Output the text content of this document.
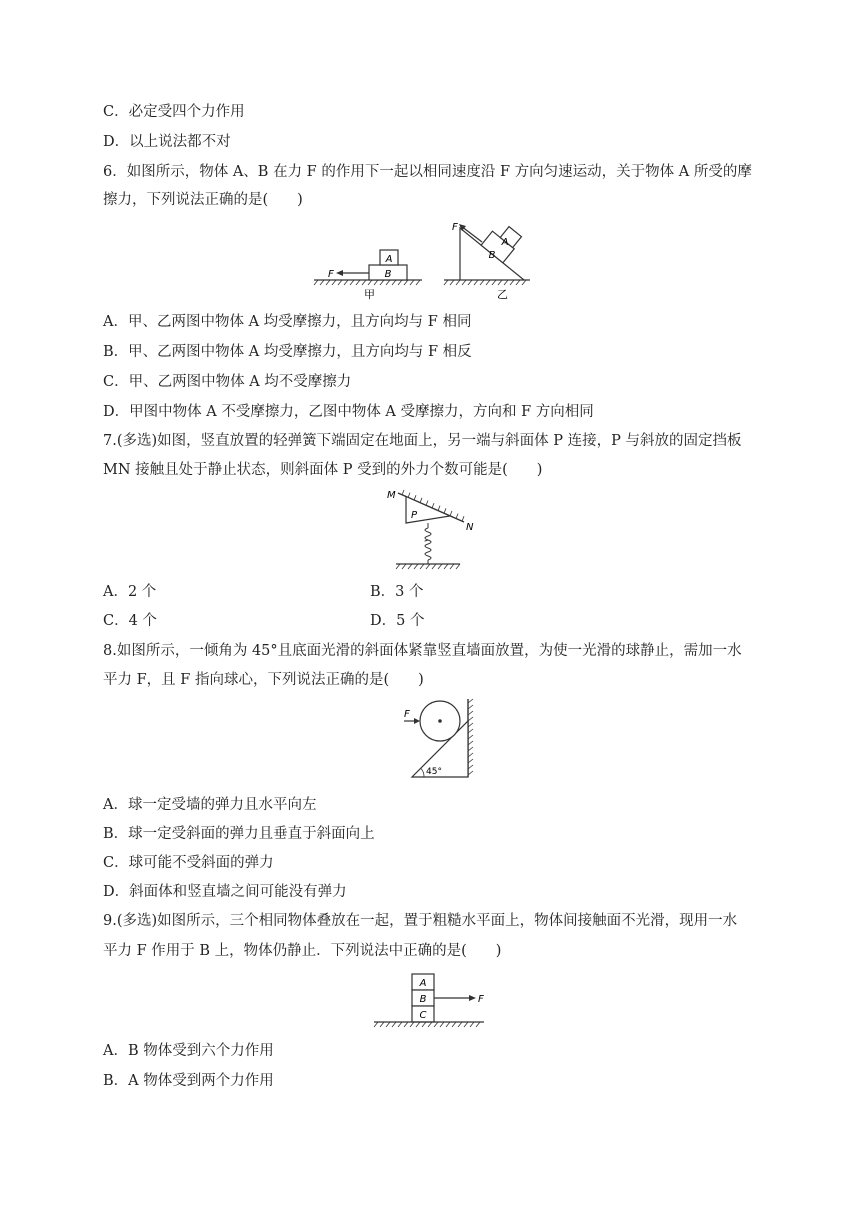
C．必定受四个力作用
D．以上说法都不对
6．如图所示，物体 A、B 在力 F 的作用下一起以相同速度沿 F 方向匀速运动，关于物体 A 所受的摩
擦力，下列说法正确的是(　　)
A
B
F
甲
A
B
F
乙
A．甲、乙两图中物体 A 均受摩擦力，且方向均与 F 相同
B．甲、乙两图中物体 A 均受摩擦力，且方向均与 F 相反
C．甲、乙两图中物体 A 均不受摩擦力
D．甲图中物体 A 不受摩擦力，乙图中物体 A 受摩擦力，方向和 F 方向相同
7.(多选)如图，竖直放置的轻弹簧下端固定在地面上，另一端与斜面体 P 连接，P 与斜放的固定挡板
MN 接触且处于静止状态，则斜面体 P 受到的外力个数可能是(　　)
M
N
P
A．2 个	B．3 个
C．4 个	D．5 个
8.如图所示，一倾角为 45°且底面光滑的斜面体紧靠竖直墙面放置，为使一光滑的球静止，需加一水
平力 F，且 F 指向球心，下列说法正确的是(　　)
F
45°
A．球一定受墙的弹力且水平向左
B．球一定受斜面的弹力且垂直于斜面向上
C．球可能不受斜面的弹力
D．斜面体和竖直墙之间可能没有弹力
9.(多选)如图所示，三个相同物体叠放在一起，置于粗糙水平面上，物体间接触面不光滑，现用一水
平力 F 作用于 B 上，物体仍静止．下列说法中正确的是(　　)
A
B
C
F
A．B 物体受到六个力作用
B．A 物体受到两个力作用
